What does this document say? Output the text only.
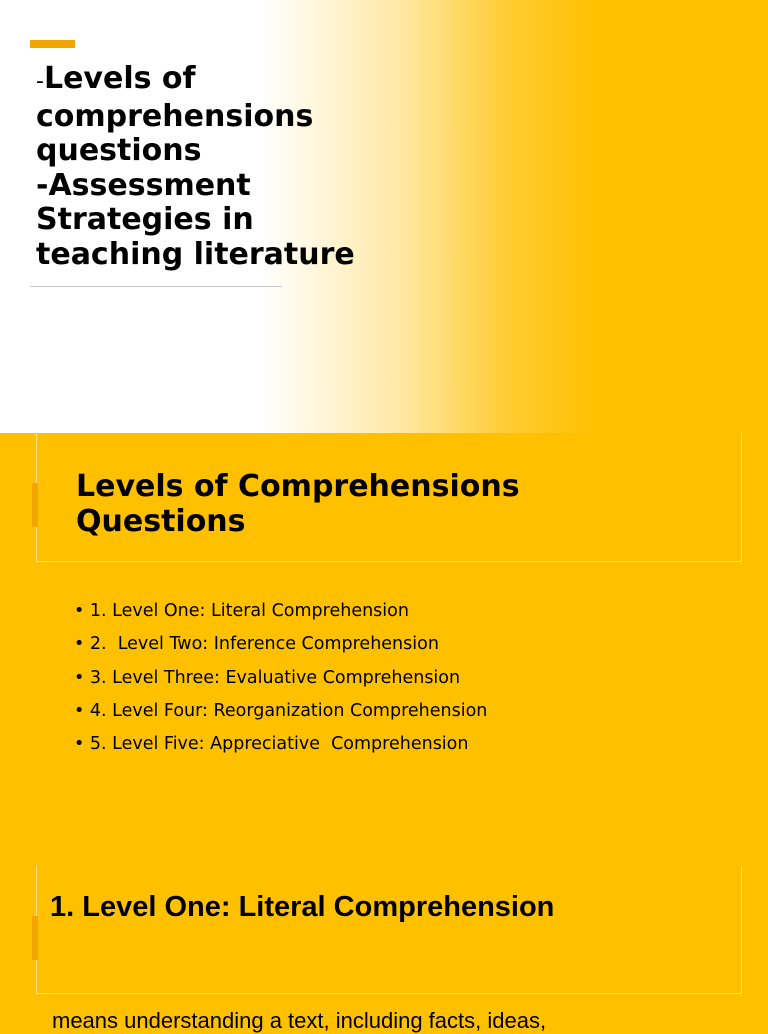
-Levels of
comprehensions
questions
-Assessment
Strategies in
teaching literature
Levels of Comprehensions Questions
• 1. Level One: Literal Comprehension
• 2.  Level Two: Inference Comprehension
• 3. Level Three: Evaluative Comprehension
• 4. Level Four: Reorganization Comprehension
• 5. Level Five: Appreciative  Comprehension
1. Level One: Literal Comprehension
means understanding a text, including facts, ideas,
